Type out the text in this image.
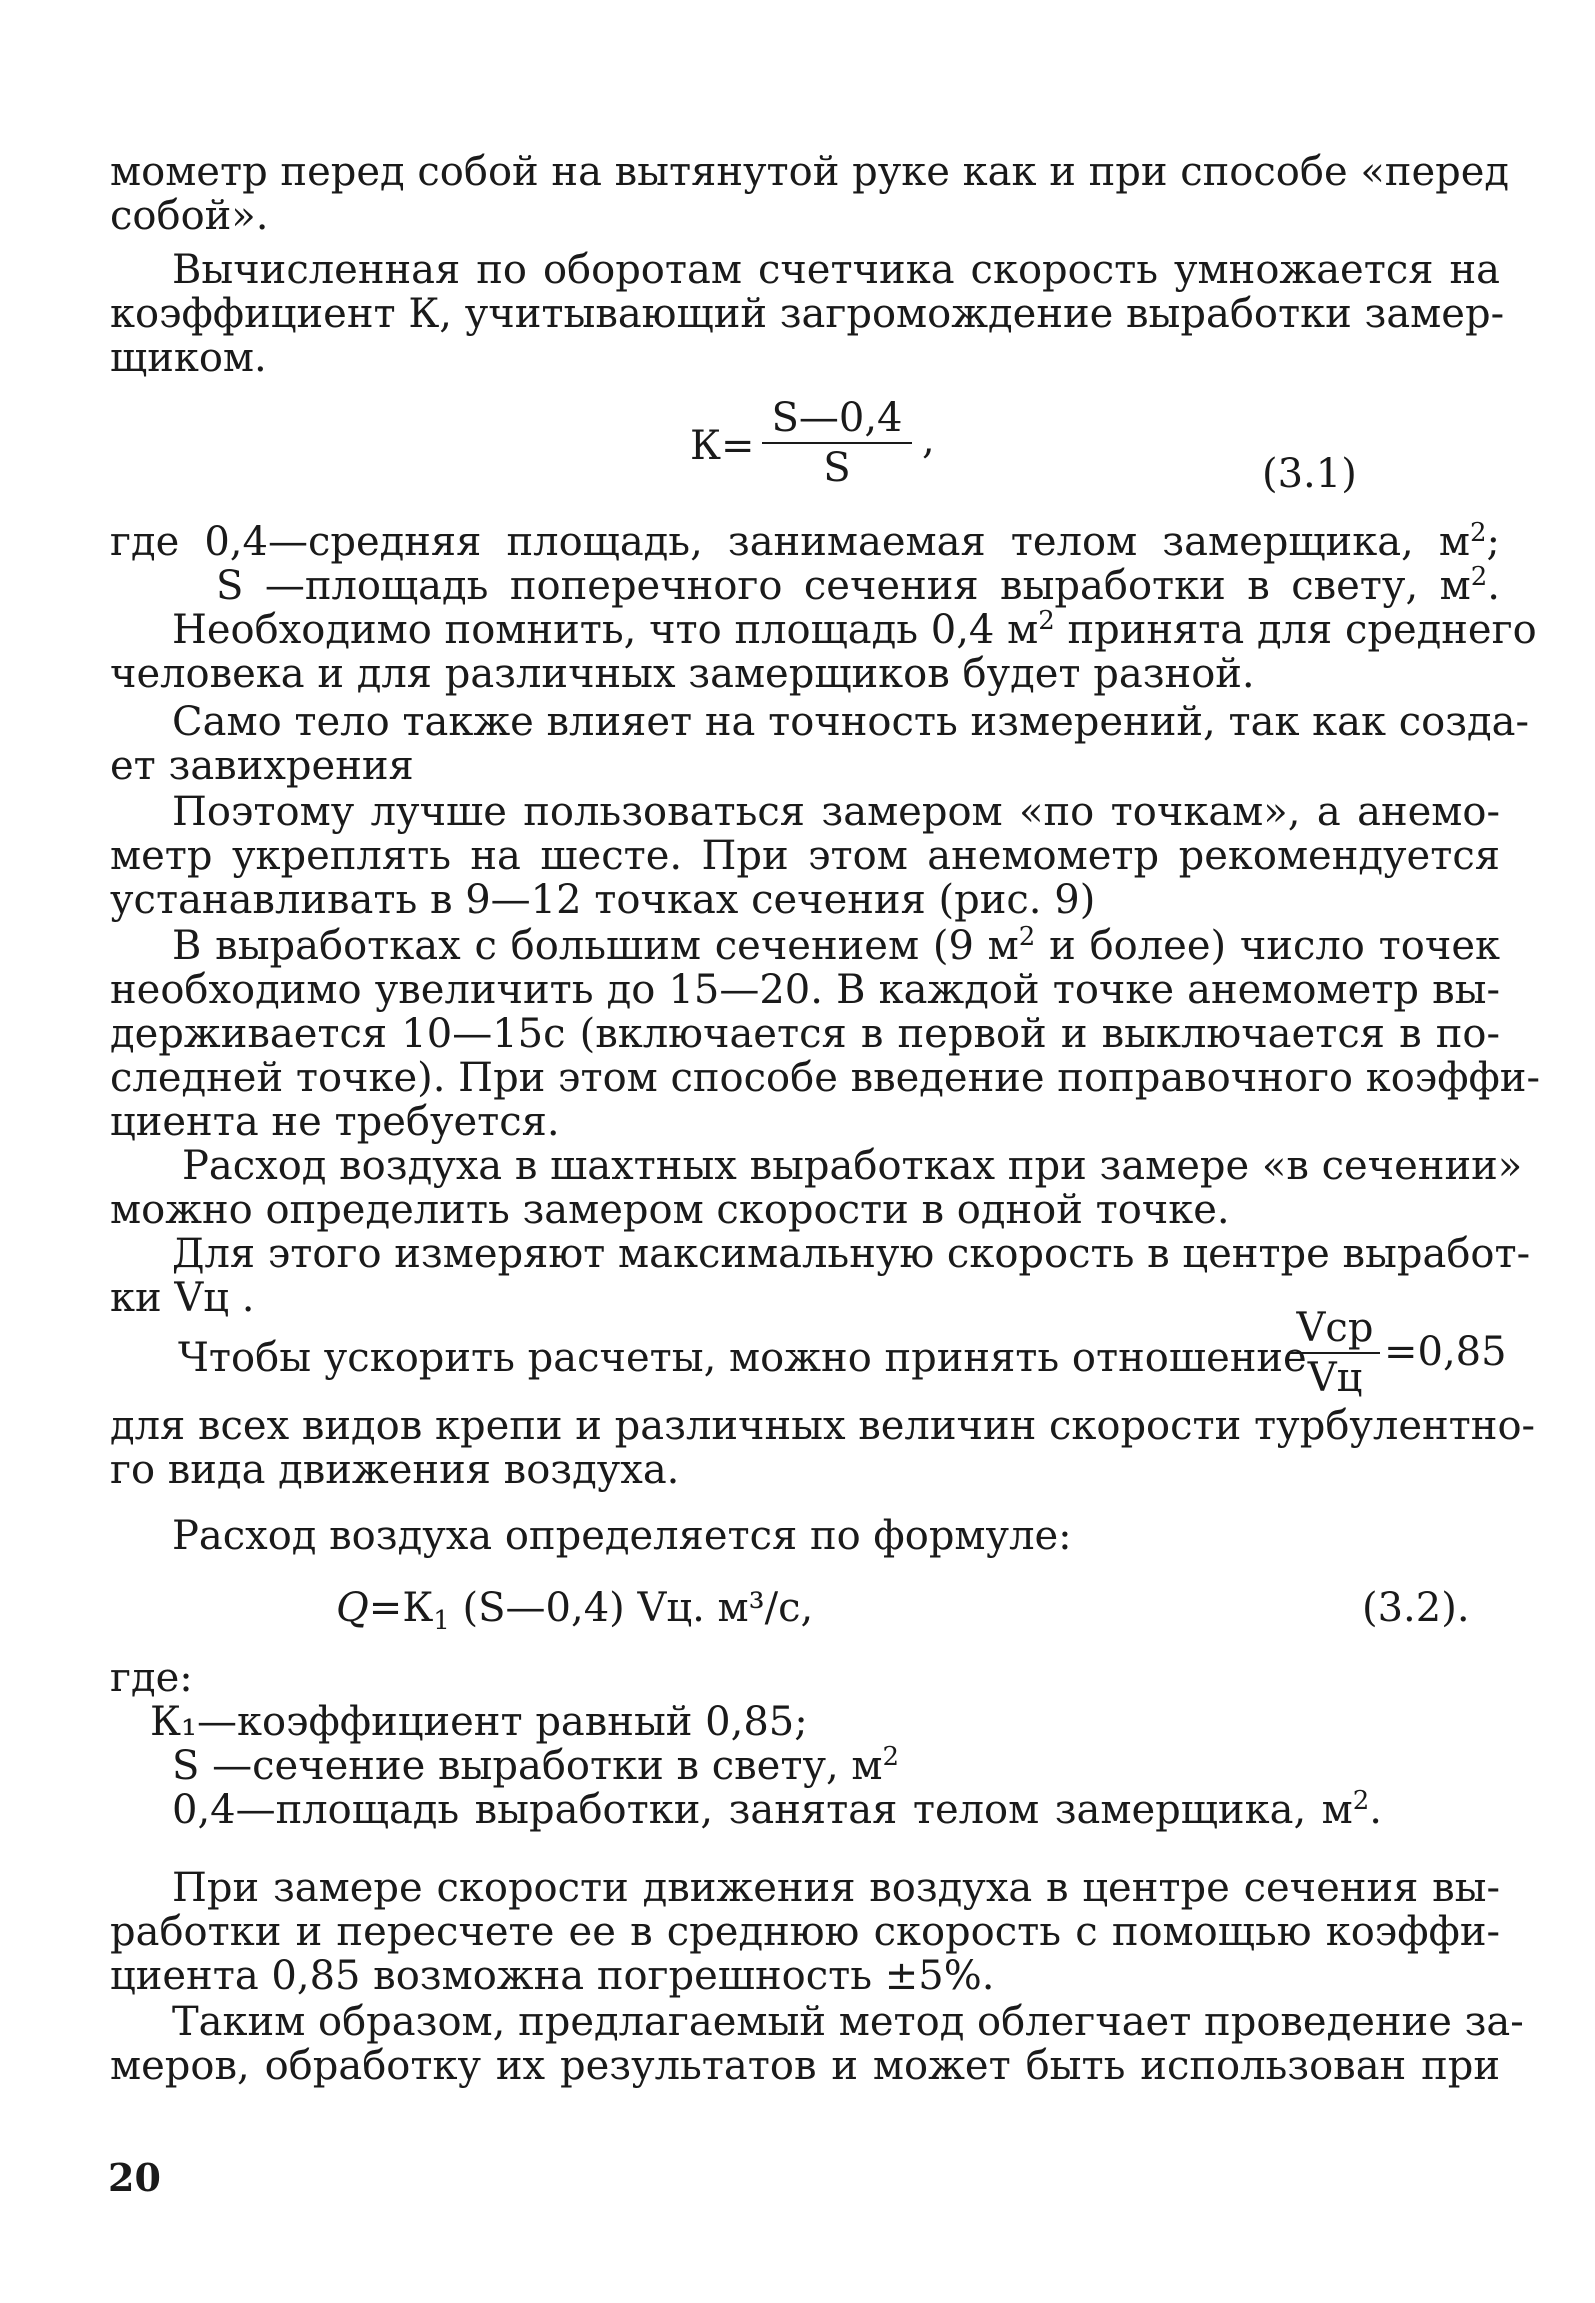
мометр перед собой на вытянутой руке как и при способе «перед
собой».
Вычисленная по оборотам счетчика скорость умножается на
коэффициент К, учитывающий загромождение выработки замер-
щиком.
К=
S—0,4
S
,
(3.1)
где 0,4—средняя площадь, занимаемая телом замерщика, $м^2$;
S —площадь поперечного сечения выработки в свету, $м^2$.
Необходимо помнить, что площадь 0,4 $м^2$ принята для среднего
человека и для различных замерщиков будет разной.
Само тело также влияет на точность измерений, так как созда-
ет завихрения
Поэтому лучше пользоваться замером «по точкам», а анемо-
метр укреплять на шесте. При этом анемометр рекомендуется
устанавливать в 9—12 точках сечения (рис. 9)
В выработках с большим сечением (9 $м^2$ и более) число точек
необходимо увеличить до 15—20. В каждой точке анемометр вы-
держивается 10—15с (включается в первой и выключается в по-
следней точке). При этом способе введение поправочного коэффи-
циента не требуется.
Расход воздуха в шахтных выработках при замере «в сечении»
можно определить замером скорости в одной точке.
Для этого измеряют максимальную скорость в центре выработ-
ки Vц .
Чтобы ускорить расчеты, можно принять отношение
Vср
Vц
=0,85
для всех видов крепи и различных величин скорости турбулентно-
го вида движения воздуха.
Расход воздуха определяется по формуле:
$Q=К_1$ (S—0,4) Vц. м³/с,	(3.2).
где:
К₁—коэффициент равный 0,85;
S —сечение выработки в свету, $м^2$
0,4—площадь выработки, занятая телом замерщика, $м^2$.
При замере скорости движения воздуха в центре сечения вы-
работки и пересчете ее в среднюю скорость с помощью коэффи-
циента 0,85 возможна погрешность ±5%.
Таким образом, предлагаемый метод облегчает проведение за-
меров, обработку их результатов и может быть использован при
20
